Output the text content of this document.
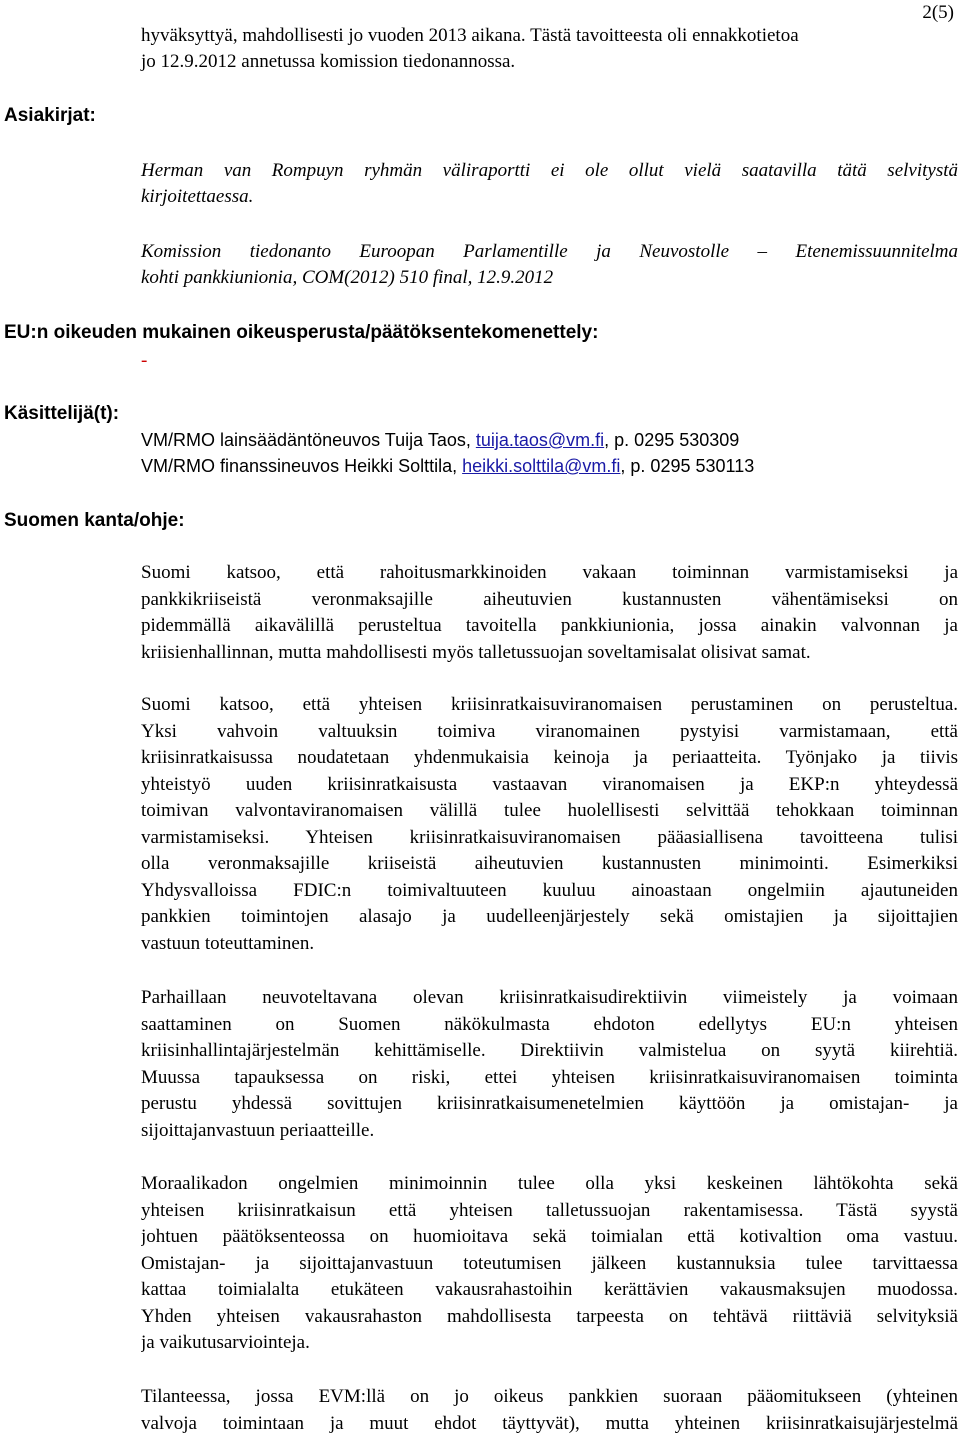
2(5)
hyväksyttyä, mahdollisesti jo vuoden 2013 aikana. Tästä tavoitteesta oli ennakkotietoa
jo 12.9.2012 annetussa komission tiedonannossa.
Asiakirjat:
Herman van Rompuyn ryhmän väliraportti ei ole ollut vielä saatavilla tätä selvitystä
kirjoitettaessa.
Komission tiedonanto Euroopan Parlamentille ja Neuvostolle – Etenemissuunnitelma
kohti pankkiunionia, COM(2012) 510 final, 12.9.2012
EU:n oikeuden mukainen oikeusperusta/päätöksentekomenettely:
-
Käsittelijä(t):
VM/RMO lainsäädäntöneuvos Tuija Taos, tuija.taos@vm.fi, p. 0295 530309
VM/RMO finanssineuvos Heikki Solttila, heikki.solttila@vm.fi, p. 0295 530113
Suomen kanta/ohje:
Suomi katsoo, että rahoitusmarkkinoiden vakaan toiminnan varmistamiseksi ja
pankkikriiseistä veronmaksajille aiheutuvien kustannusten vähentämiseksi on
pidemmällä aikavälillä perusteltua tavoitella pankkiunionia, jossa ainakin valvonnan ja
kriisienhallinnan, mutta mahdollisesti myös talletussuojan soveltamisalat olisivat samat.
Suomi katsoo, että yhteisen kriisinratkaisuviranomaisen perustaminen on perusteltua.
Yksi vahvoin valtuuksin toimiva viranomainen pystyisi varmistamaan, että
kriisinratkaisussa noudatetaan yhdenmukaisia keinoja ja periaatteita. Työnjako ja tiivis
yhteistyö uuden kriisinratkaisusta vastaavan viranomaisen ja EKP:n yhteydessä
toimivan valvontaviranomaisen välillä tulee huolellisesti selvittää tehokkaan toiminnan
varmistamiseksi. Yhteisen kriisinratkaisuviranomaisen pääasiallisena tavoitteena tulisi
olla veronmaksajille kriiseistä aiheutuvien kustannusten minimointi. Esimerkiksi
Yhdysvalloissa FDIC:n toimivaltuuteen kuuluu ainoastaan ongelmiin ajautuneiden
pankkien toimintojen alasajo ja uudelleenjärjestely sekä omistajien ja sijoittajien
vastuun toteuttaminen.
Parhaillaan neuvoteltavana olevan kriisinratkaisudirektiivin viimeistely ja voimaan
saattaminen on Suomen näkökulmasta ehdoton edellytys EU:n yhteisen
kriisinhallintajärjestelmän kehittämiselle. Direktiivin valmistelua on syytä kiirehtiä.
Muussa tapauksessa on riski, ettei yhteisen kriisinratkaisuviranomaisen toiminta
perustu yhdessä sovittujen kriisinratkaisumenetelmien käyttöön ja omistajan- ja
sijoittajanvastuun periaatteille.
Moraalikadon ongelmien minimoinnin tulee olla yksi keskeinen lähtökohta sekä
yhteisen kriisinratkaisun että yhteisen talletussuojan rakentamisessa. Tästä syystä
johtuen päätöksenteossa on huomioitava sekä toimialan että kotivaltion oma vastuu.
Omistajan- ja sijoittajanvastuun toteutumisen jälkeen kustannuksia tulee tarvittaessa
kattaa toimialalta etukäteen vakausrahastoihin kerättävien vakausmaksujen muodossa.
Yhden yhteisen vakausrahaston mahdollisesta tarpeesta on tehtävä riittäviä selvityksiä
ja vaikutusarviointeja.
Tilanteessa, jossa EVM:llä on jo oikeus pankkien suoraan pääomitukseen (yhteinen
valvoja toimintaan ja muut ehdot täyttyvät), mutta yhteinen kriisinratkaisujärjestelmä
